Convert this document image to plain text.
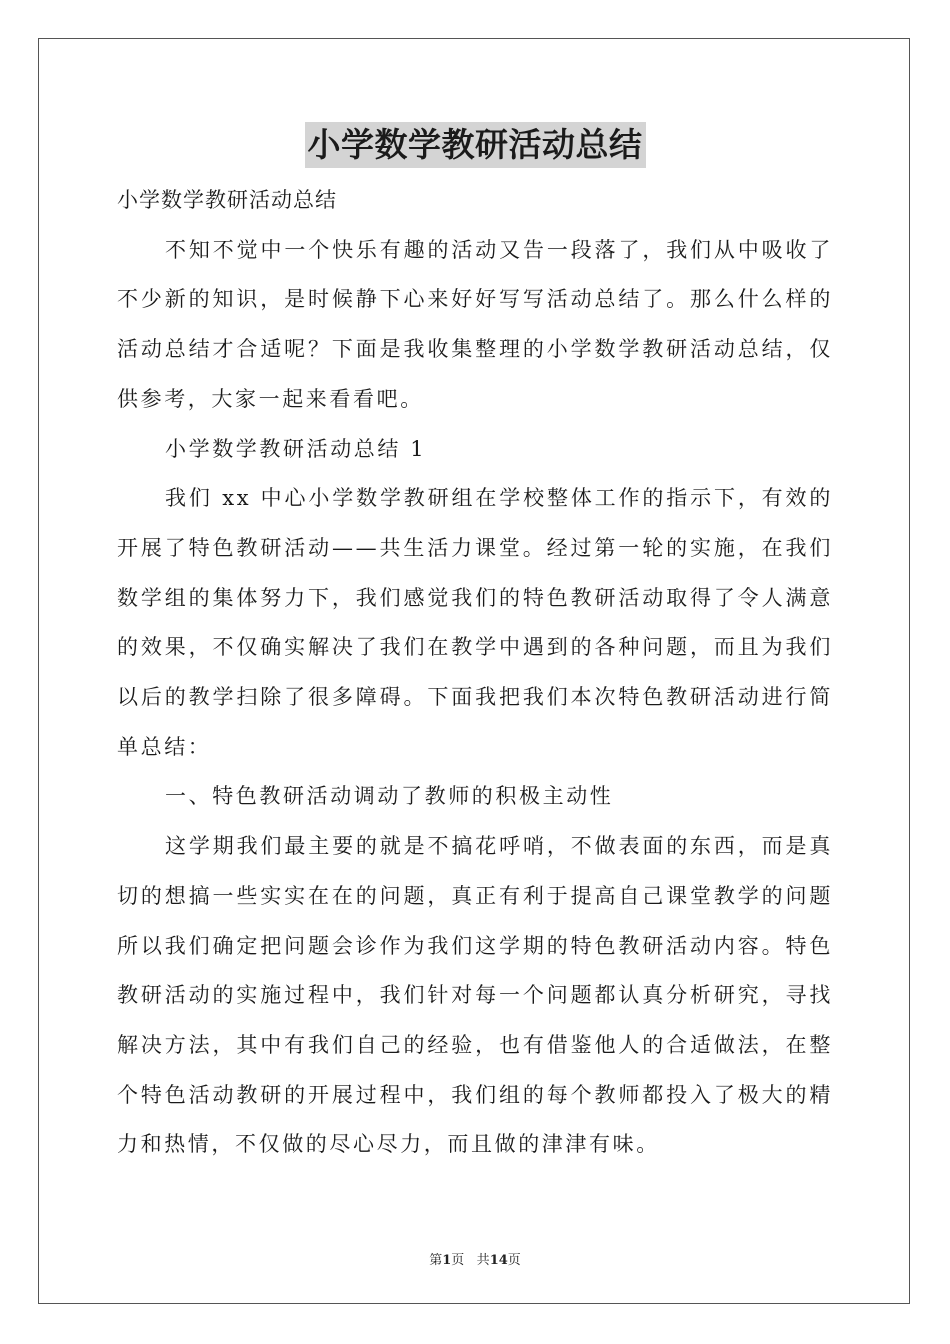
小学数学教研活动总结

小学数学教研活动总结

不知不觉中一个快乐有趣的活动又告一段落了，我们从中吸收了不少新的知识，是时候静下心来好好写写活动总结了。那么什么样的活动总结才合适呢？下面是我收集整理的小学数学教研活动总结，仅供参考，大家一起来看看吧。

小学数学教研活动总结 1

我们 xx 中心小学数学教研组在学校整体工作的指示下，有效的开展了特色教研活动——共生活力课堂。经过第一轮的实施，在我们数学组的集体努力下，我们感觉我们的特色教研活动取得了令人满意的效果，不仅确实解决了我们在教学中遇到的各种问题，而且为我们以后的教学扫除了很多障碍。下面我把我们本次特色教研活动进行简单总结：

一、特色教研活动调动了教师的积极主动性

这学期我们最主要的就是不搞花呼哨，不做表面的东西，而是真切的想搞一些实实在在的问题，真正有利于提高自己课堂教学的问题所以我们确定把问题会诊作为我们这学期的特色教研活动内容。特色教研活动的实施过程中，我们针对每一个问题都认真分析研究，寻找解决方法，其中有我们自己的经验，也有借鉴他人的合适做法，在整个特色活动教研的开展过程中，我们组的每个教师都投入了极大的精力和热情，不仅做的尽心尽力，而且做的津津有味。

第1页 共14页
